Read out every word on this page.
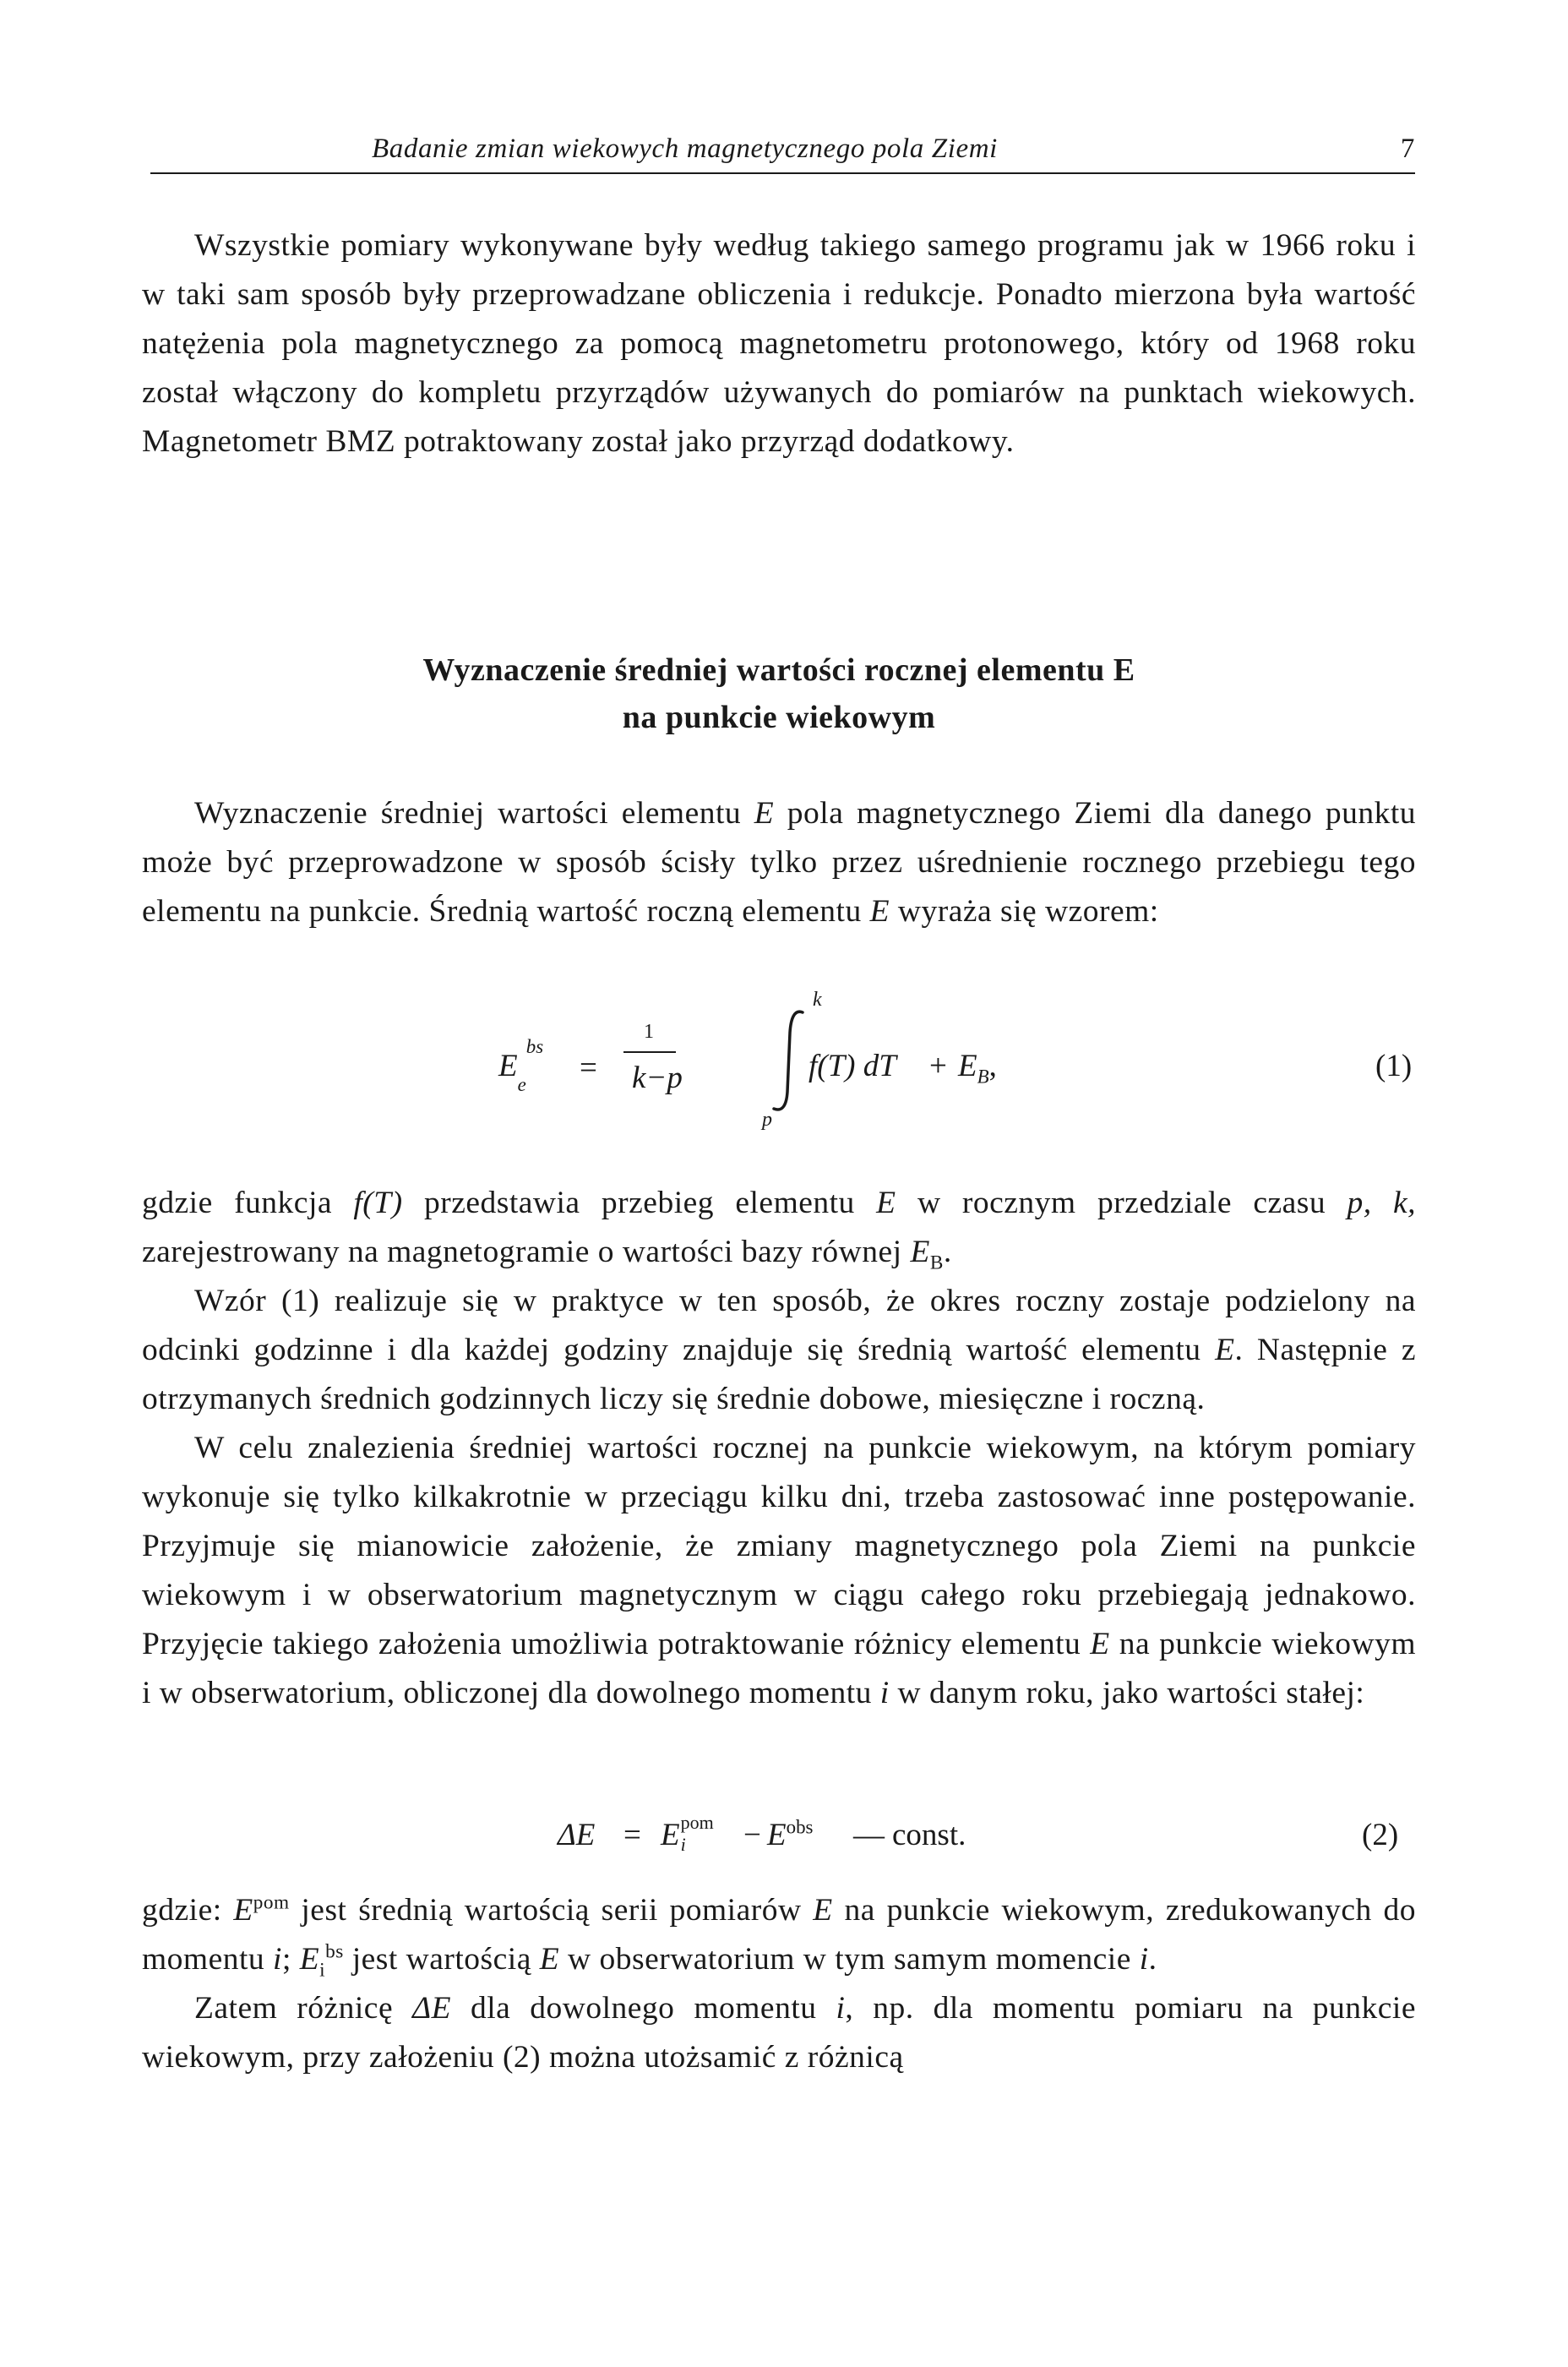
Badanie zmian wiekowych magnetycznego pola Ziemi	7

Wszystkie pomiary wykonywane były według takiego samego programu jak w 1966 roku i w taki sam sposób były przeprowadzane obliczenia i redukcje. Ponadto mierzona była wartość natężenia pola magnetycznego za pomocą magnetometru protonowego, który od 1968 roku został włączony do kompletu przyrządów używanych do pomiarów na punktach wiekowych. Magnetometr BMZ potraktowany został jako przyrząd dodatkowy.

Wyznaczenie średniej wartości rocznej elementu E
na punkcie wiekowym

Wyznaczenie średniej wartości elementu E pola magnetycznego Ziemi dla danego punktu może być przeprowadzone w sposób ścisły tylko przez uśrednienie rocznego przebiegu tego elementu na punkcie. Średnią wartość roczną elementu E wyraża się wzorem:

$E_e^{bs}$
=
1
k−p
k
p
f(T) dT + $E_B$,	(1)

gdzie funkcja f(T) przedstawia przebieg elementu E w rocznym przedziale czasu p, k, zarejestrowany na magnetogramie o wartości bazy równej $E_B$.

Wzór (1) realizuje się w praktyce w ten sposób, że okres roczny zostaje podzielony na odcinki godzinne i dla każdej godziny znajduje się średnią wartość elementu E. Następnie z otrzymanych średnich godzinnych liczy się średnie dobowe, miesięczne i roczną.

W celu znalezienia średniej wartości rocznej na punkcie wiekowym, na którym pomiary wykonuje się tylko kilkakrotnie w przeciągu kilku dni, trzeba zastosować inne postępowanie. Przyjmuje się mianowicie założenie, że zmiany magnetycznego pola Ziemi na punkcie wiekowym i w obserwatorium magnetycznym w ciągu całego roku przebiegają jednakowo. Przyjęcie takiego założenia umożliwia potraktowanie różnicy elementu E na punkcie wiekowym i w obserwatorium, obliczonej dla dowolnego momentu i w danym roku, jako wartości stałej:

ΔE = E pom
i	− $E^{obs}$ — const.	(2)

gdzie: $E^{pom}$ jest średnią wartością serii pomiarów E na punkcie wiekowym, zredukowanych do momentu i; $E_i^{bs}$ jest wartością E w obserwatorium w tym samym momencie i.

Zatem różnicę ΔE dla dowolnego momentu i, np. dla momentu pomiaru na punkcie wiekowym, przy założeniu (2) można utożsamić z różnicą
